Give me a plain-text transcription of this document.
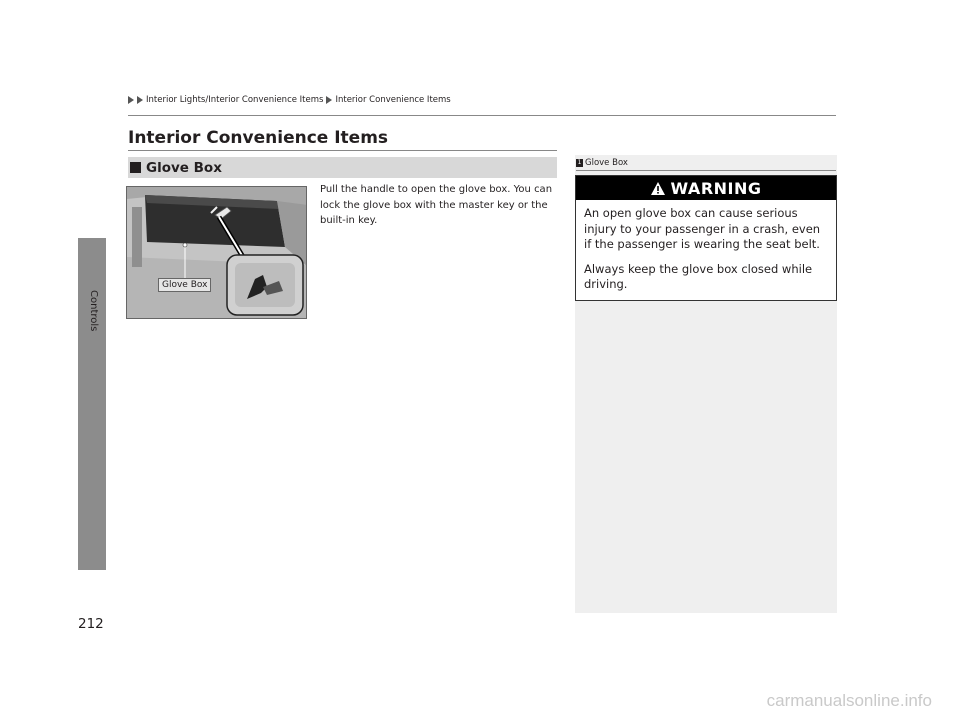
Controls
Interior Lights/Interior Convenience Items Interior Convenience Items
Interior Convenience Items
Glove Box
Glove Box
Pull the handle to open the glove box. You can lock the glove box with the master key or the built-in key.
1 Glove Box
WARNING

An open glove box can cause serious injury to your passenger in a crash, even if the passenger is wearing the seat belt.

Always keep the glove box closed while driving.

212
carmanualsonline.info
